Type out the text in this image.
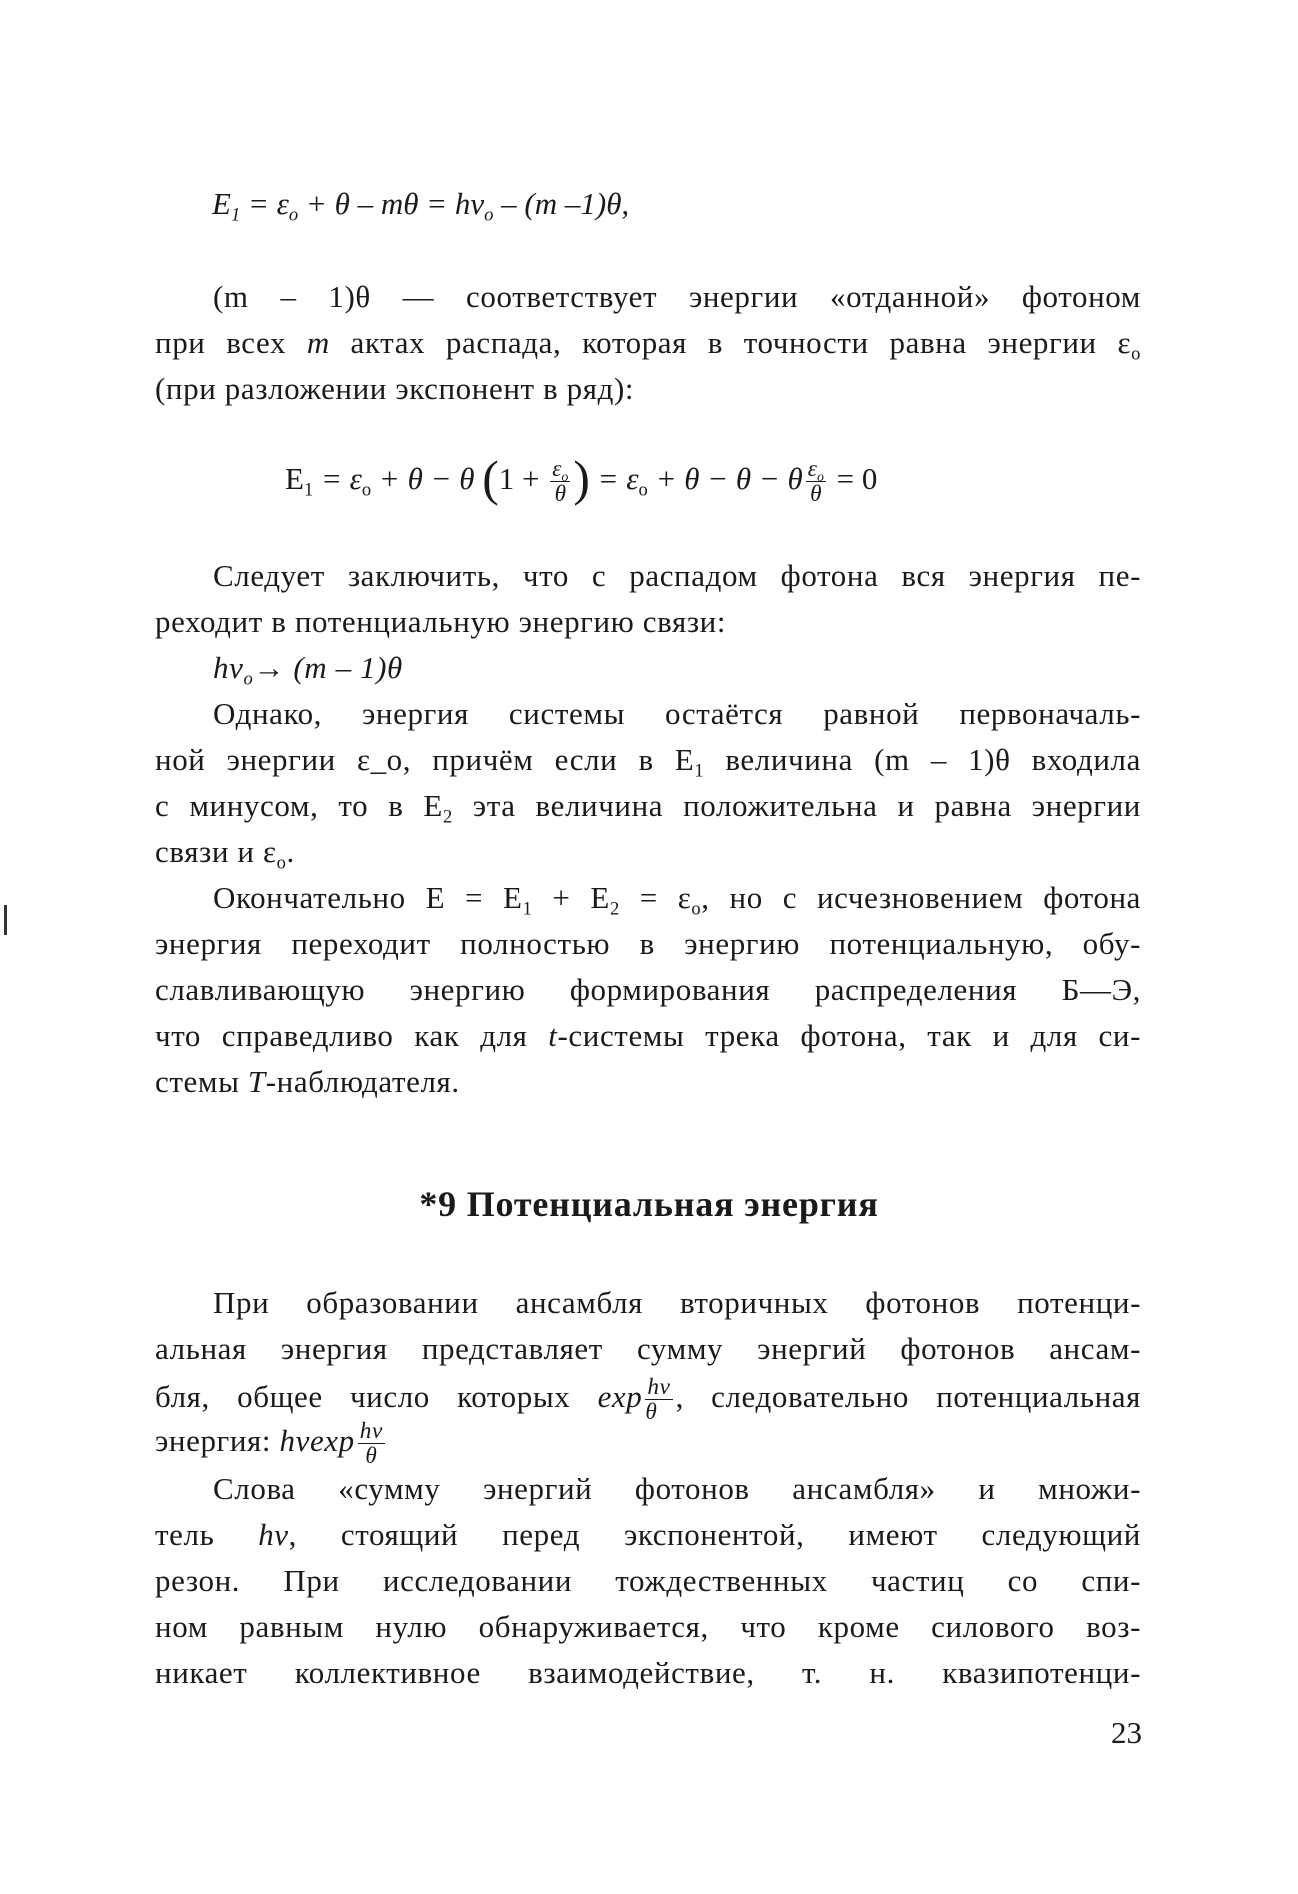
$E_1 = \varepsilon_o + \theta - m\theta = hv_o - (m$ –1)θ,
(m – 1)θ — соответствует энергии «отданной» фотоном
при всех m актах распада, которая в точности равна энергии $\varepsilon_o$
(при разложении экспонент в ряд):
$E_1 = \varepsilon_o + \theta - \theta$ ($1 + \frac{\varepsilon_o}{\theta}$ ) = $\varepsilon_o + \theta - \theta - \theta \frac{\varepsilon_o}{\theta} = 0$
Следует заключить, что с распадом фотона вся энергия пе-
реходит в потенциальную энергию связи:
$hv_o\to (m - 1)\theta$
Однако, энергия системы остаётся равной первоначаль-
ной энергии ε_o, причём если в $E_1$ величина (m – 1)θ входила
с минусом, то в $E_2$ эта величина положительна и равна энергии
связи и $\varepsilon_o$.
Окончательно $E = E_1 + E_2 = \varepsilon_o$, но с исчезновением фотона
энергия переходит полностью в энергию потенциальную, обу-
славливающую энергию формирования распределения Б—Э,
что справедливо как для t-системы трека фотона, так и для си-
стемы T-наблюдателя.
*9 Потенциальная энергия
При образовании ансамбля вторичных фотонов потенци-
альная энергия представляет сумму энергий фотонов ансам-
бля, общее число которых $\exp \frac{hv}{\theta}$ , следовательно потенциальная
энергия: hvexp $\frac{hv}{\theta}$
Слова «сумму энергий фотонов ансамбля» и множи-
тель hv, стоящий перед экспонентой, имеют следующий
резон. При исследовании тождественных частиц со спи-
ном равным нулю обнаруживается, что кроме силового воз-
никает коллективное взаимодействие, т. н. квазипотенци-
23
